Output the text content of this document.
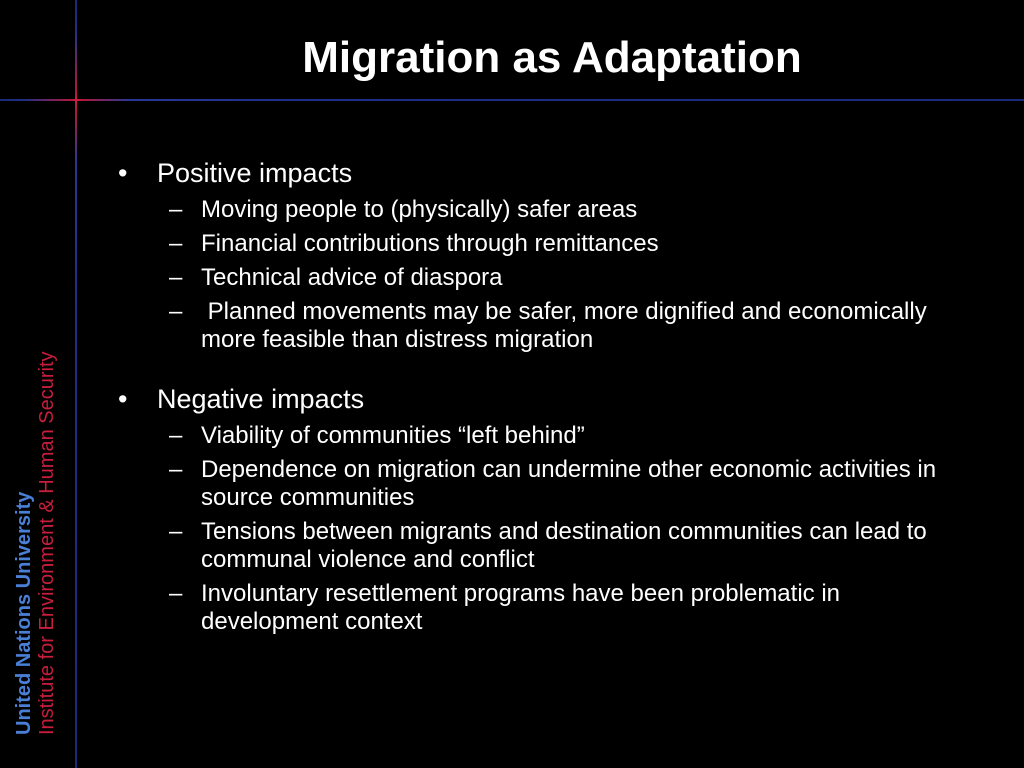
Migration as Adaptation
United Nations University Institute for Environment & Human Security
• Positive impacts
– Moving people to (physically) safer areas
– Financial contributions through remittances
– Technical advice of diaspora
– Planned movements may be safer, more dignified and economically more feasible than distress migration
• Negative impacts
– Viability of communities “left behind”
– Dependence on migration can undermine other economic activities in source communities
– Tensions between migrants and destination communities can lead to communal violence and conflict
– Involuntary resettlement programs have been problematic in development context
